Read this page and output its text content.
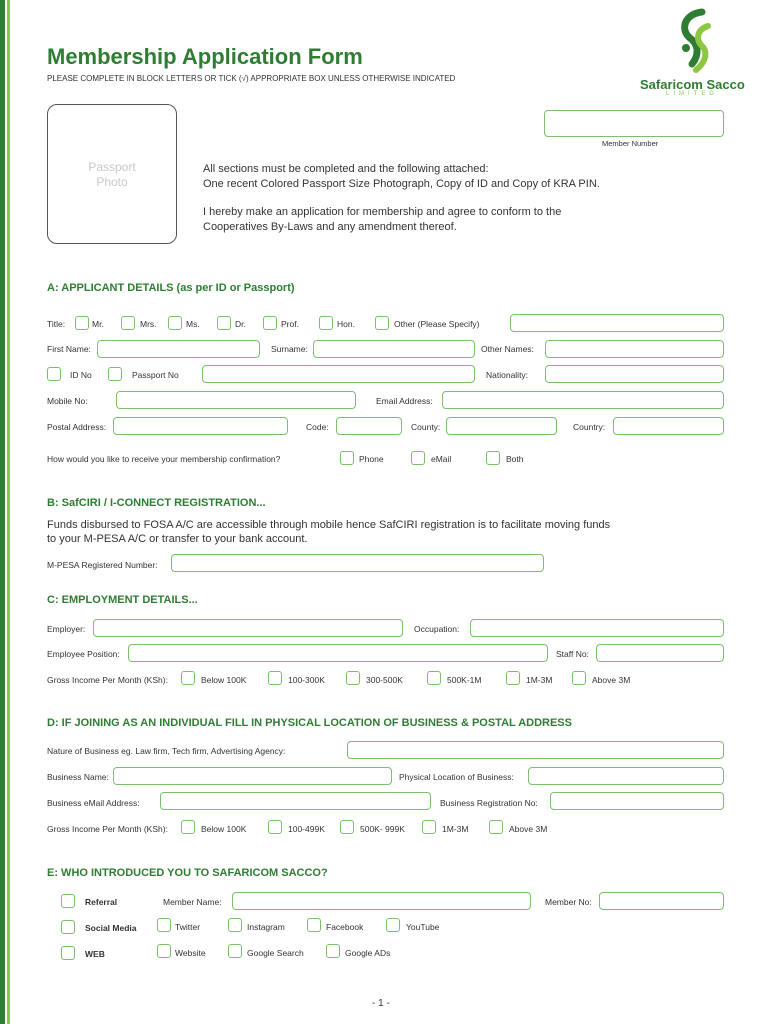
Membership Application Form
PLEASE COMPLETE IN BLOCK LETTERS OR TICK (√) APPROPRIATE BOX UNLESS OTHERWISE INDICATED	Safaricom Sacco
LIMITED
Member Number
Passport
Photo
All sections must be completed and the following attached:
One recent Colored Passport Size Photograph, Copy of ID and Copy of KRA PIN.
I hereby make an application for membership and agree to conform to the
Cooperatives By-Laws and any amendment thereof.
A: APPLICANT DETAILS (as per ID or Passport)
Title:	Mr.	Mrs.	Ms.	Dr.	Prof.	Hon.	Other (Please Specify)
First Name:	Surname:	Other Names:
ID No	Passport No	Nationality:
Mobile No:	Email Address:
Postal Address:	Code:	County:	Country:
How would you like to receive your membership confirmation?	Phone	eMail	Both
B: SafCIRI / I-CONNECT REGISTRATION...
Funds disbursed to FOSA A/C are accessible through mobile hence SafCIRI registration is to facilitate moving funds
to your M-PESA A/C or transfer to your bank account.
M-PESA Registered Number:
C: EMPLOYMENT DETAILS...
Employer:	Occupation:
Employee Position:	Staff No:
Gross Income Per Month (KSh):	Below 100K	100-300K	300-500K	500K-1M	1M-3M	Above 3M
D: IF JOINING AS AN INDIVIDUAL FILL IN PHYSICAL LOCATION OF BUSINESS & POSTAL ADDRESS
Nature of Business eg. Law firm, Tech firm, Advertising Agency:
Business Name:	Physical Location of Business:
Business eMail Address:	Business Registration No:
Gross Income Per Month (KSh):	Below 100K	100-499K	500K- 999K	1M-3M	Above 3M
E: WHO INTRODUCED YOU TO SAFARICOM SACCO?
Referral	Member Name:	Member No:
Social Media	Twitter	Instagram	Facebook	YouTube
WEB	Website	Google Search	Google ADs
- 1 -
